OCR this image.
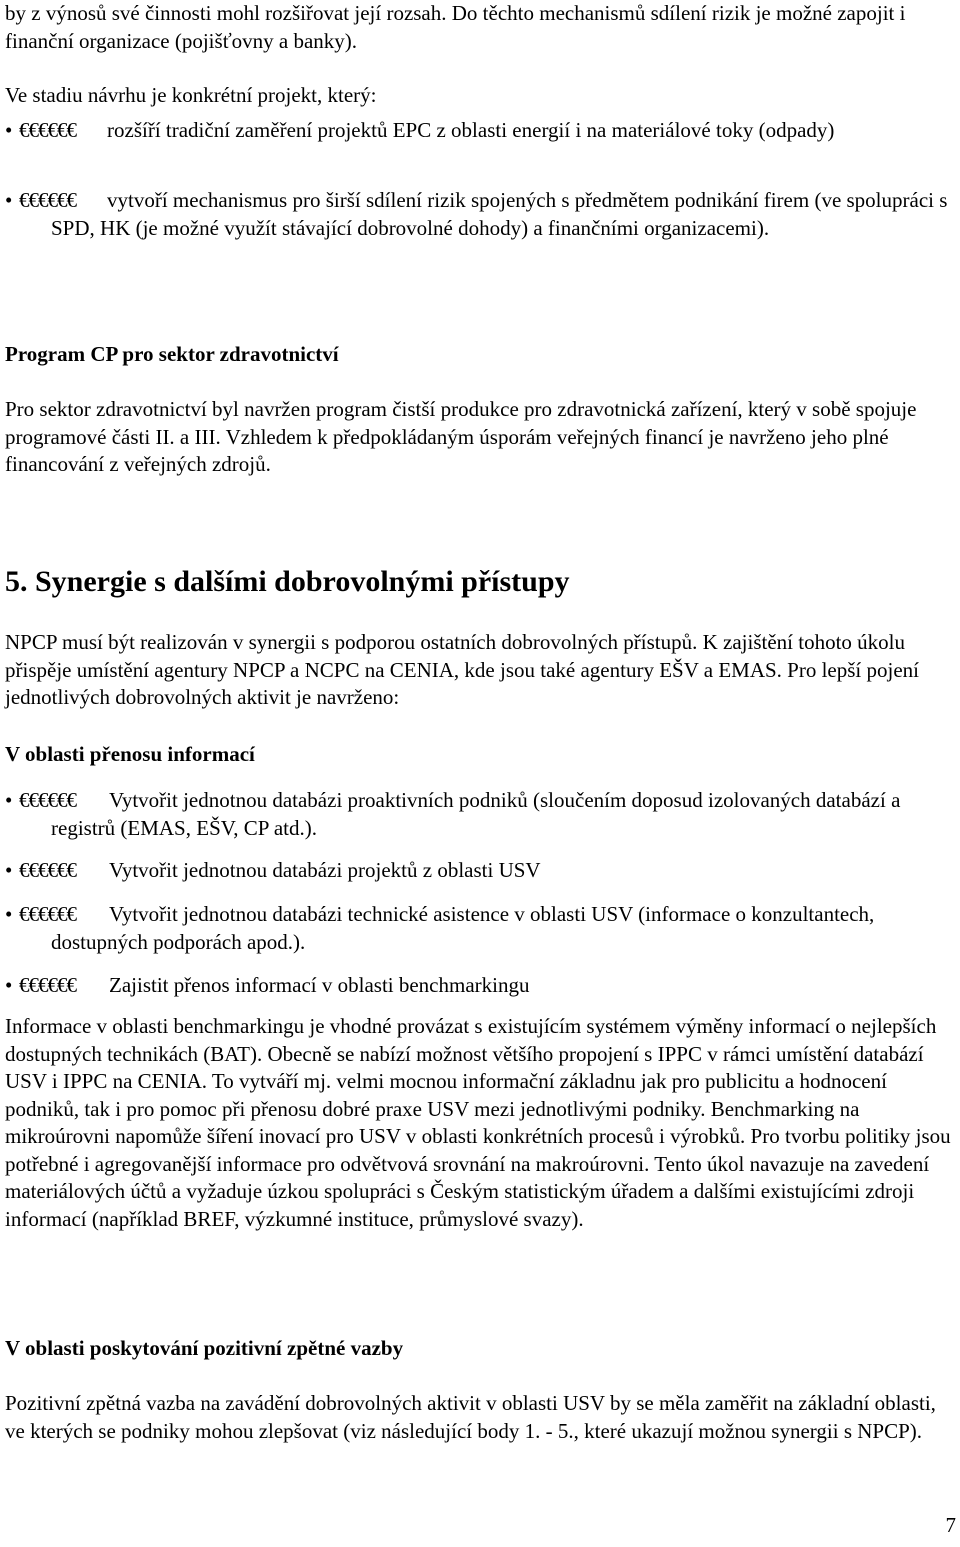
by z výnosů své činnosti mohl rozšiřovat její rozsah. Do těchto mechanismů sdílení rizik je možné zapojit i finanční organizace (pojišťovny a banky).

Ve stadiu návrhu je konkrétní projekt, který:

• €€€€€€	rozšíří tradiční zaměření projektů EPC z oblasti energií i na materiálové toky (odpady)
• €€€€€€	vytvoří mechanismus pro širší sdílení rizik spojených s předmětem podnikání firem (ve spolupráci s SPD, HK (je možné využít stávající dobrovolné dohody) a finančními organizacemi).

Program CP pro sektor zdravotnictví

Pro sektor zdravotnictví byl navržen program čistší produkce pro zdravotnická zařízení, který v sobě spojuje programové části II. a III. Vzhledem k předpokládaným úsporám veřejných financí je navrženo jeho plné financování z veřejných zdrojů.

5. Synergie s dalšími dobrovolnými přístupy

NPCP musí být realizován v synergii s podporou ostatních dobrovolných přístupů. K zajištění tohoto úkolu přispěje umístění agentury NPCP a NCPC na CENIA, kde jsou také agentury EŠV a EMAS. Pro lepší pojení jednotlivých dobrovolných aktivit je navrženo:

V oblasti přenosu informací

• €€€€€€	Vytvořit jednotnou databázi proaktivních podniků (sloučením doposud izolovaných databází a registrů (EMAS, EŠV, CP atd.).
• €€€€€€	Vytvořit jednotnou databázi projektů z oblasti USV
• €€€€€€	Vytvořit jednotnou databázi technické asistence v oblasti USV (informace o konzultantech, dostupných podporách apod.).
• €€€€€€	Zajistit přenos informací v oblasti benchmarkingu

Informace v oblasti benchmarkingu je vhodné provázat s existujícím systémem výměny informací o nejlepších dostupných technikách (BAT). Obecně se nabízí možnost většího propojení s IPPC v rámci umístění databází USV i IPPC na CENIA. To vytváří mj. velmi mocnou informační základnu jak pro publicitu a hodnocení podniků, tak i pro pomoc při přenosu dobré praxe USV mezi jednotlivými podniky. Benchmarking na mikroúrovni napomůže šíření inovací pro USV v oblasti konkrétních procesů i výrobků. Pro tvorbu politiky jsou potřebné i agregovanější informace pro odvětvová srovnání na makroúrovni. Tento úkol navazuje na zavedení materiálových účtů a vyžaduje úzkou spolupráci s Českým statistickým úřadem a dalšími existujícími zdroji informací (například BREF, výzkumné instituce, průmyslové svazy).

V oblasti poskytování pozitivní zpětné vazby

Pozitivní zpětná vazba na zavádění dobrovolných aktivit v oblasti USV by se měla zaměřit na základní oblasti, ve kterých se podniky mohou zlepšovat (viz následující body 1. - 5., které ukazují možnou synergii s NPCP).

7
